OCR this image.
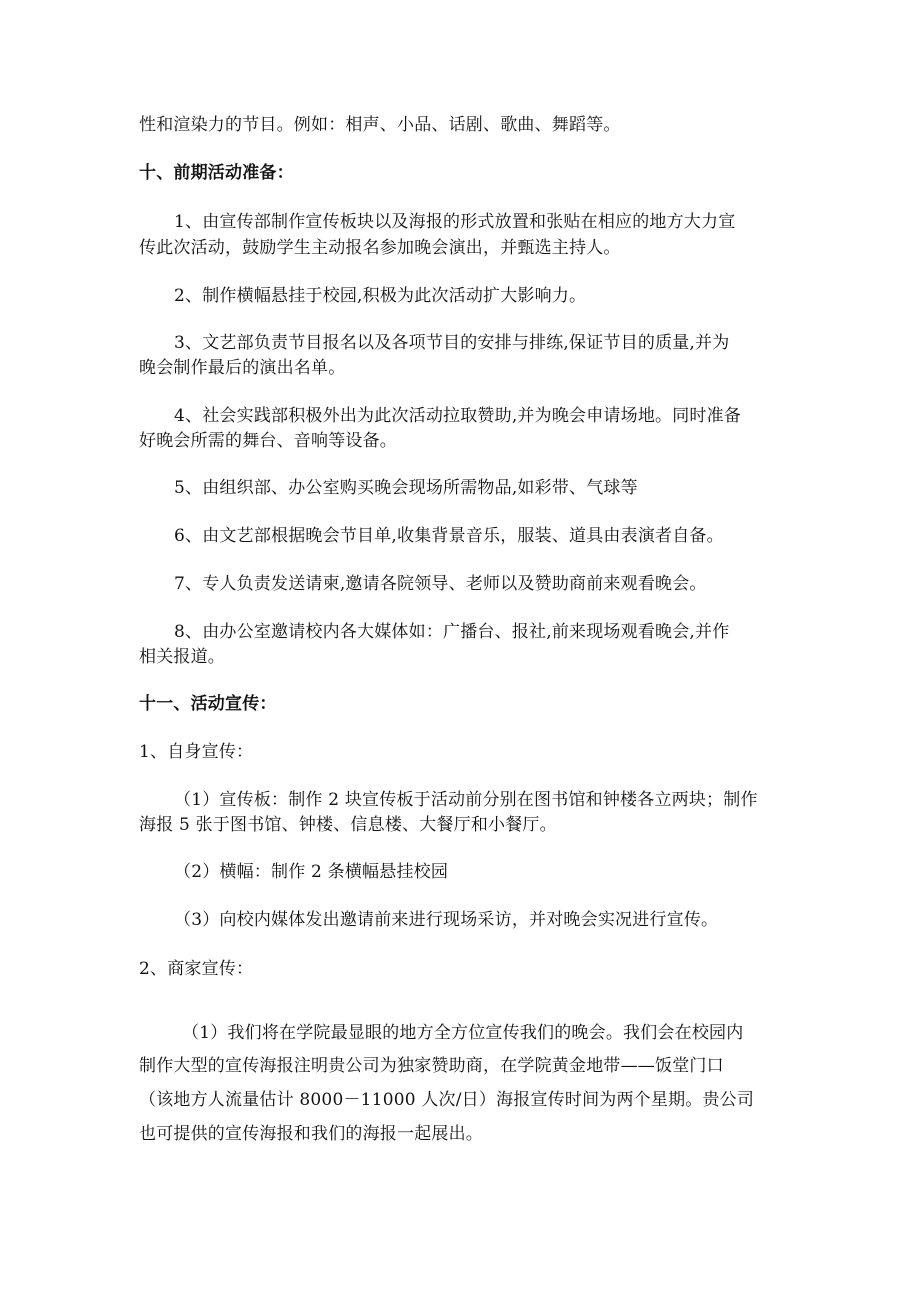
性和渲染力的节目。例如：相声、小品、话剧、歌曲、舞蹈等。

十、前期活动准备：

1、由宣传部制作宣传板块以及海报的形式放置和张贴在相应的地方大力宣

传此次活动，鼓励学生主动报名参加晚会演出，并甄选主持人。

2、制作横幅悬挂于校园,积极为此次活动扩大影响力。

3、文艺部负责节目报名以及各项节目的安排与排练,保证节目的质量,并为

晚会制作最后的演出名单。

4、社会实践部积极外出为此次活动拉取赞助,并为晚会申请场地。同时准备

好晚会所需的舞台、音响等设备。

5、由组织部、办公室购买晚会现场所需物品,如彩带、气球等

6、由文艺部根据晚会节目单,收集背景音乐，服装、道具由表演者自备。

7、专人负责发送请柬,邀请各院领导、老师以及赞助商前来观看晚会。

8、由办公室邀请校内各大媒体如：广播台、报社,前来现场观看晚会,并作

相关报道。

十一、活动宣传：

1、自身宣传：

（1）宣传板：制作 2 块宣传板于活动前分别在图书馆和钟楼各立两块；制作

海报 5 张于图书馆、钟楼、信息楼、大餐厅和小餐厅。

（2）横幅：制作 2 条横幅悬挂校园

（3）向校内媒体发出邀请前来进行现场采访，并对晚会实况进行宣传。

2、商家宣传：

（1）我们将在学院最显眼的地方全方位宣传我们的晚会。我们会在校园内

制作大型的宣传海报注明贵公司为独家赞助商，在学院黄金地带——饭堂门口

（该地方人流量估计 8000－11000 人次/日）海报宣传时间为两个星期。贵公司

也可提供的宣传海报和我们的海报一起展出。
